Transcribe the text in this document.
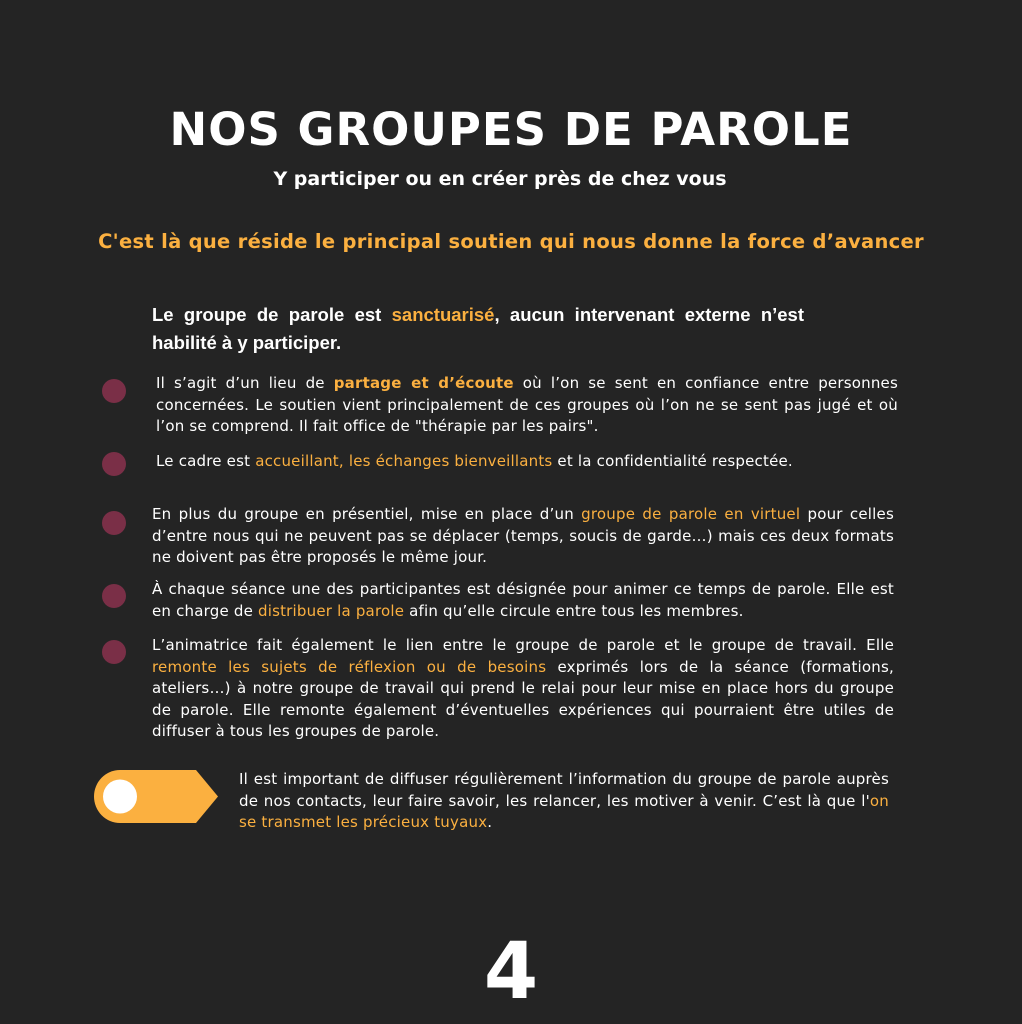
NOS GROUPES DE PAROLE
Y participer ou en créer près de chez vous
C'est là que réside le principal soutien qui nous donne la force d’avancer

Le groupe de parole est sanctuarisé, aucun intervenant externe n’est habilité à y participer.

Il s’agit d’un lieu de partage et d’écoute où l’on se sent en confiance entre personnes concernées. Le soutien vient principalement de ces groupes où l’on ne se sent pas jugé et où l’on se comprend. Il fait office de "thérapie par les pairs".

Le cadre est accueillant, les échanges bienveillants et la confidentialité respectée.

En plus du groupe en présentiel, mise en place d’un groupe de parole en virtuel pour celles d’entre nous qui ne peuvent pas se déplacer (temps, soucis de garde…) mais ces deux formats ne doivent pas être proposés le même jour.

À chaque séance une des participantes est désignée pour animer ce temps de parole. Elle est en charge de distribuer la parole afin qu’elle circule entre tous les membres.

L’animatrice fait également le lien entre le groupe de parole et le groupe de travail. Elle remonte les sujets de réflexion ou de besoins exprimés lors de la séance (formations, ateliers…) à notre groupe de travail qui prend le relai pour leur mise en place hors du groupe de parole. Elle remonte également d’éventuelles expériences qui pourraient être utiles de diffuser à tous les groupes de parole.

Il est important de diffuser régulièrement l’information du groupe de parole auprès de nos contacts, leur faire savoir, les relancer, les motiver à venir. C’est là que l'on se transmet les précieux tuyaux.

4
